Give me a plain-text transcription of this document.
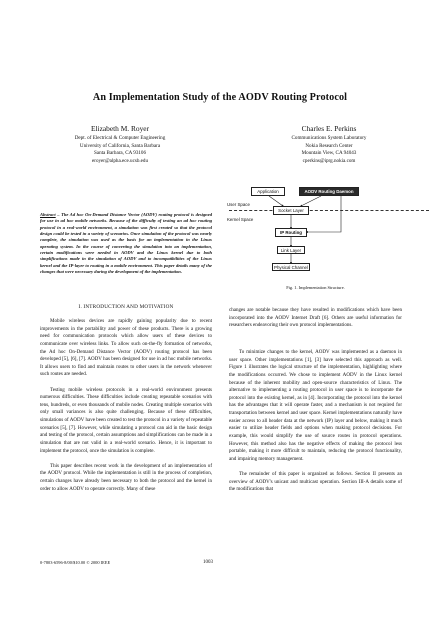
An Implementation Study of the AODV Routing Protocol
Elizabeth M. Royer
Dept. of Electrical & Computer Engineering
University of California, Santa Barbara
Santa Barbara, CA 93106
eroyer@alpha.ece.ucsb.edu
Charles E. Perkins
Communications System Laboratory
Nokia Research Center
Mountain View, CA 94043
cperkins@iprg.nokia.com
Abstract – The Ad hoc On-Demand Distance Vector (AODV) routing protocol is designed for use in ad hoc mobile networks. Because of the difficulty of testing an ad hoc routing protocol in a real-world environment, a simulation was first created so that the protocol design could be tested in a variety of scenarios. Once simulation of the protocol was nearly complete, the simulation was used as the basis for an implementation in the Linux operating system. In the course of converting the simulation into an implementation, certain modifications were needed in AODV and the Linux kernel due to both simplifications made in the simulation of AODV and to incompatibilities of the Linux kernel and the IP-layer to routing in a mobile environment. This paper details many of the changes that were necessary during the development of the implementation.
I. INTRODUCTION AND MOTIVATION

Mobile wireless devices are rapidly gaining popularity due to recent improvements in the portability and power of these products. There is a growing need for communication protocols which allow users of these devices to communicate over wireless links. To allow such on-the-fly formation of networks, the Ad hoc On-Demand Distance Vector (AODV) routing protocol has been developed [5], [6], [7]. AODV has been designed for use in ad hoc mobile networks. It allows users to find and maintain routes to other users in the network whenever such routes are needed.

Testing mobile wireless protocols in a real-world environment presents numerous difficulties. These difficulties include creating repeatable scenarios with tens, hundreds, or even thousands of mobile nodes. Creating multiple scenarios with only small variances is also quite challenging. Because of these difficulties, simulations of AODV have been created to test the protocol in a variety of repeatable scenarios [5], [7]. However, while simulating a protocol can aid in the basic design and testing of the protocol, certain assumptions and simplifications can be made in a simulation that are not valid in a real-world scenario. Hence, it is important to implement the protocol, once the simulation is complete.

This paper describes recent work in the development of an implementation of the AODV protocol. While the implementation is still in the process of completion, certain changes have already been necessary to both the protocol and the kernel in order to allow AODV to operate correctly. Many of these

Application	AODV Routing Daemon
User Space
Socket Layer
Kernel Space
IP Routing
Link Layer
Physical Channel
Fig. 1. Implementation Structure.

changes are notable because they have resulted in modifications which have been incorporated into the AODV Internet Draft [6]. Others are useful information for researchers endeavoring their own protocol implementations.

To minimize changes to the kernel, AODV was implemented as a daemon in user space. Other implementations [1], [3] have selected this approach as well. Figure 1 illustrates the logical structure of the implementation, highlighting where the modifications occurred. We chose to implement AODV in the Linux kernel because of the inherent mobility and open-source characteristics of Linux. The alternative to implementing a routing protocol in user space is to incorporate the protocol into the existing kernel, as in [4]. Incorporating the protocol into the kernel has the advantages that it will operate faster, and a mechanism is not required for transportation between kernel and user space. Kernel implementations naturally have easier access to all header data at the network (IP) layer and below, making it much easier to utilize header fields and options when making protocol decisions. For example, this would simplify the use of source routes in protocol operations. However, this method also has the negative effects of making the protocol less portable, making it more difficult to maintain, reducing the protocol functionality, and impairing memory management.

The remainder of this paper is organized as follows. Section II presents an overview of AODV's unicast and multicast operation. Section III-A details some of the modifications that

0-7803-6596-8/00/$10.00 © 2000 IEEE	1003
